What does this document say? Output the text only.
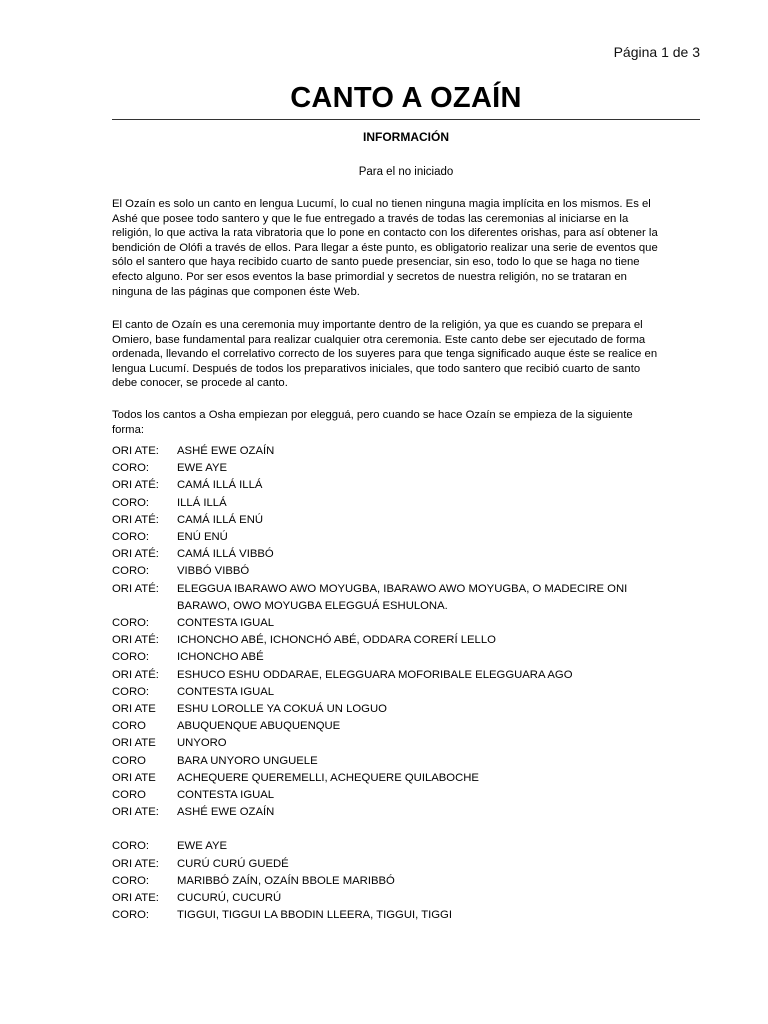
Página 1 de 3
CANTO A OZAÍN
INFORMACIÓN
Para el no iniciado

El Ozaín es solo un canto en lengua Lucumí, lo cual no tienen ninguna magia implícita en los mismos. Es el Ashé que posee todo santero y que le fue entregado a través de todas las ceremonias al iniciarse en la religión, lo que activa la rata vibratoria que lo pone en contacto con los diferentes orishas, para así obtener la bendición de Olófi a través de ellos. Para llegar a éste punto, es obligatorio realizar una serie de eventos que sólo el santero que haya recibido cuarto de santo puede presenciar, sin eso, todo lo que se haga no tiene efecto alguno. Por ser esos eventos la base primordial y secretos de nuestra religión, no se trataran en ninguna de las páginas que componen éste Web.

El canto de Ozaín es una ceremonia muy importante dentro de la religión, ya que es cuando se prepara el Omiero, base fundamental para realizar cualquier otra ceremonia. Este canto debe ser ejecutado de forma ordenada, llevando el correlativo correcto de los suyeres para que tenga significado auque éste se realice en lengua Lucumí. Después de todos los preparativos iniciales, que todo santero que recibió cuarto de santo debe conocer, se procede al canto.

Todos los cantos a Osha empiezan por elegguá, pero cuando se hace Ozaín se empieza de la siguiente forma:

ORI ATE:	ASHÉ EWE OZAÍN
CORO:	EWE AYE
ORI ATÉ:	CAMÁ ILLÁ ILLÁ
CORO:	ILLÁ ILLÁ
ORI ATÉ:	CAMÁ ILLÁ ENÚ
CORO:	ENÚ ENÚ
ORI ATÉ:	CAMÁ ILLÁ VIBBÓ
CORO:	VIBBÓ VIBBÓ
ORI ATÉ:	ELEGGUA IBARAWO AWO MOYUGBA, IBARAWO AWO MOYUGBA, O MADECIRE ONI
BARAWO, OWO MOYUGBA ELEGGUÁ ESHULONA.
CORO:	CONTESTA IGUAL
ORI ATÉ:	ICHONCHO ABÉ, ICHONCHÓ ABÉ, ODDARA CORERÍ LELLO
CORO:	ICHONCHO ABÉ
ORI ATÉ:	ESHUCO ESHU ODDARAE, ELEGGUARA MOFORIBALE ELEGGUARA AGO
CORO:	CONTESTA IGUAL
ORI ATE	ESHU LOROLLE YA COKUÁ UN LOGUO
CORO	ABUQUENQUE ABUQUENQUE
ORI ATE	UNYORO
CORO	BARA UNYORO UNGUELE
ORI ATE	ACHEQUERE QUEREMELLI, ACHEQUERE QUILABOCHE
CORO	CONTESTA IGUAL
ORI ATE:	ASHÉ EWE OZAÍN
CORO:	EWE AYE
ORI ATE:	CURÚ CURÚ GUEDÉ
CORO:	MARIBBÓ ZAÍN, OZAÍN BBOLE MARIBBÓ
ORI ATE:	CUCURÚ, CUCURÚ
CORO:	TIGGUI, TIGGUI LA BBODIN LLEERA, TIGGUI, TIGGI
